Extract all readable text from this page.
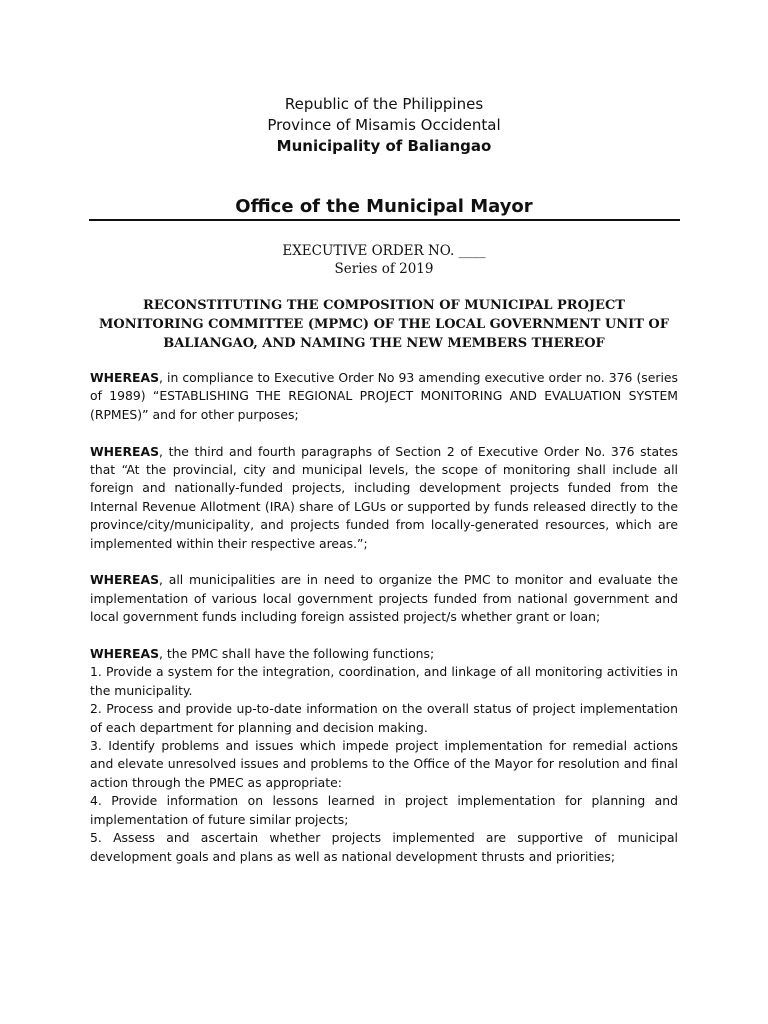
Republic of the Philippines
Province of Misamis Occidental
Municipality of Baliangao
Office of the Municipal Mayor
EXECUTIVE ORDER NO. ____
Series of 2019
RECONSTITUTING THE COMPOSITION OF MUNICIPAL PROJECT MONITORING COMMITTEE (MPMC) OF THE LOCAL GOVERNMENT UNIT OF BALIANGAO, AND NAMING THE NEW MEMBERS THEREOF

WHEREAS, in compliance to Executive Order No 93 amending executive order no. 376 (series of 1989) “ESTABLISHING THE REGIONAL PROJECT MONITORING AND EVALUATION SYSTEM (RPMES)” and for other purposes;

WHEREAS, the third and fourth paragraphs of Section 2 of Executive Order No. 376 states that “At the provincial, city and municipal levels, the scope of monitoring shall include all foreign and nationally-funded projects, including development projects funded from the Internal Revenue Allotment (IRA) share of LGUs or supported by funds released directly to the province/city/municipality, and projects funded from locally-generated resources, which are implemented within their respective areas.”;

WHEREAS, all municipalities are in need to organize the PMC to monitor and evaluate the implementation of various local government projects funded from national government and local government funds including foreign assisted project/s whether grant or loan;

WHEREAS, the PMC shall have the following functions;

1. Provide a system for the integration, coordination, and linkage of all monitoring activities in the municipality.

2. Process and provide up-to-date information on the overall status of project implementation of each department for planning and decision making.

3. Identify problems and issues which impede project implementation for remedial actions and elevate unresolved issues and problems to the Office of the Mayor for resolution and final action through the PMEC as appropriate:

4. Provide information on lessons learned in project implementation for planning and implementation of future similar projects;

5. Assess and ascertain whether projects implemented are supportive of municipal development goals and plans as well as national development thrusts and priorities;
